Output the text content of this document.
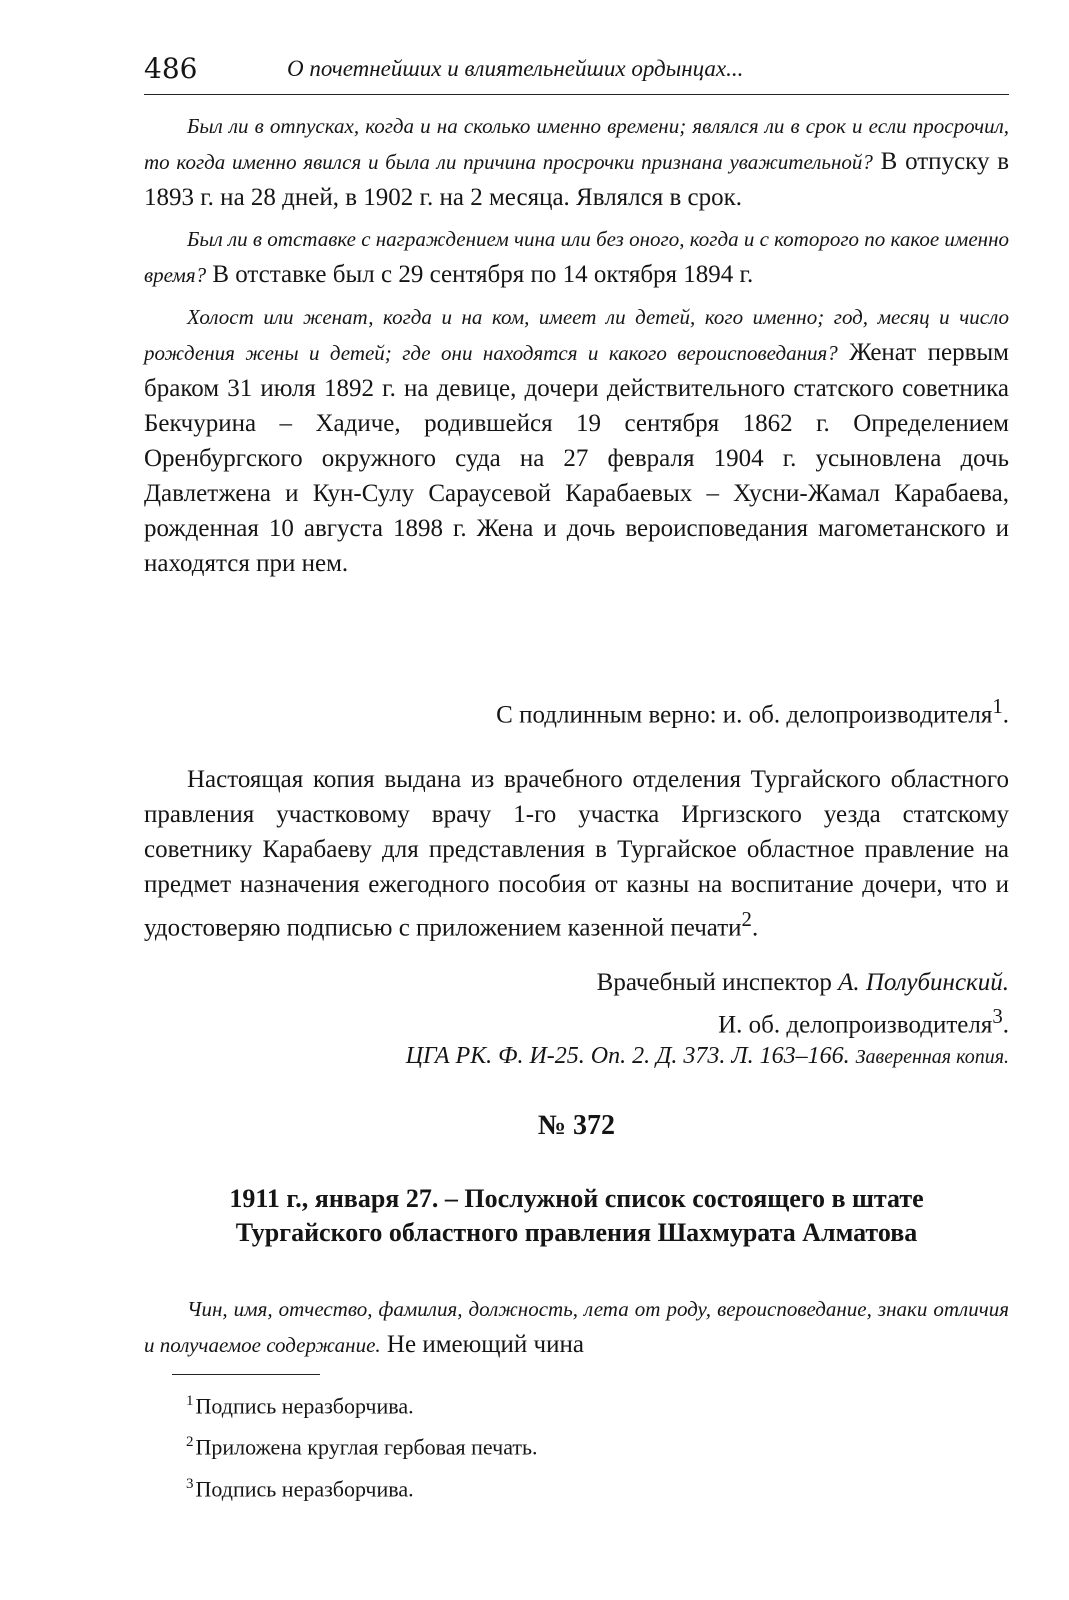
486	О почетнейших и влиятельнейших ордынцах...

Был ли в отпусках, когда и на сколько именно времени; являлся ли в срок и если просрочил, то когда именно явился и была ли причина просрочки признана уважительной? В отпуску в 1893 г. на 28 дней, в 1902 г. на 2 месяца. Являлся в срок.

Был ли в отставке с награждением чина или без оного, когда и с которого по какое именно время? В отставке был с 29 сентября по 14 октября 1894 г.

Холост или женат, когда и на ком, имеет ли детей, кого именно; год, месяц и число рождения жены и детей; где они находятся и какого вероисповедания? Женат первым браком 31 июля 1892 г. на девице, дочери действительного статского советника Бекчурина – Хадиче, родившейся 19 сентября 1862 г. Определением Оренбургского окружного суда на 27 февраля 1904 г. усыновлена дочь Давлетжена и Кун-Сулу Сараусевой Карабаевых – Хусни-Жамал Карабаева, рожденная 10 августа 1898 г. Жена и дочь вероисповедания магометанского и находятся при нем.

С подлинным верно: и. об. делопроизводителя$^1$.

Настоящая копия выдана из врачебного отделения Тургайского областного правления участковому врачу 1-го участка Иргизского уезда статскому советнику Карабаеву для представления в Тургайское областное правление на предмет назначения ежегодного пособия от казны на воспитание дочери, что и удостоверяю подписью с приложением казенной печати$^2$.

Врачебный инспектор А. Полубинский.
И. об. делопроизводителя$^3$.
ЦГА РК. Ф. И-25. Оп. 2. Д. 373. Л. 163–166. Заверенная копия.
№ 372
1911 г., января 27. – Послужной список состоящего в штате
Тургайского областного правления Шахмурата Алматова

Чин, имя, отчество, фамилия, должность, лета от роду, вероисповедание, знаки отличия и получаемое содержание. Не имеющий чина

$^1$Подпись неразборчива.
$^2$Приложена круглая гербовая печать.
$^3$Подпись неразборчива.
